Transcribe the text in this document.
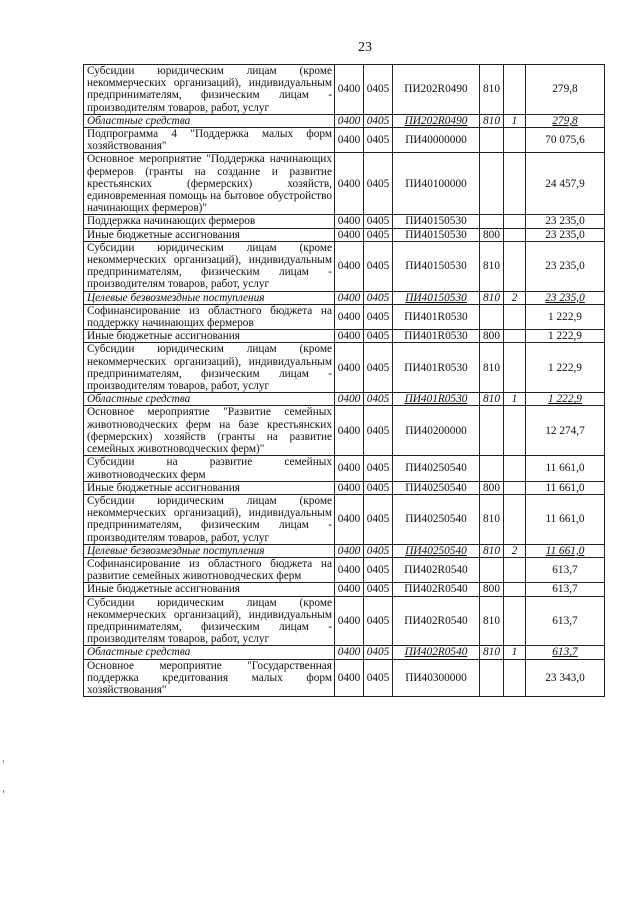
23
Субсидии юридическим лицам (кроме некоммерческих организаций), индивидуальным предпринимателям, физическим лицам - производителям товаров, работ, услуг	0400	0405	ПИ202R0490	810		279,8
Областные средства	0400	0405	ПИ202R0490	810	1	279,8
Подпрограмма 4 "Поддержка малых форм хозяйствования"	0400	0405	ПИ40000000			70 075,6
Основное мероприятие "Поддержка начинающих фермеров (гранты на создание и развитие крестьянских (фермерских) хозяйств, единовременная помощь на бытовое обустройство начинающих фермеров)"	0400	0405	ПИ40100000			24 457,9
Поддержка начинающих фермеров	0400	0405	ПИ40150530			23 235,0
Иные бюджетные ассигнования	0400	0405	ПИ40150530	800		23 235,0
Субсидии юридическим лицам (кроме некоммерческих организаций), индивидуальным предпринимателям, физическим лицам - производителям товаров, работ, услуг	0400	0405	ПИ40150530	810		23 235,0
Целевые безвозмездные поступления	0400	0405	ПИ40150530	810	2	23 235,0
Софинансирование из областного бюджета на поддержку начинающих фермеров	0400	0405	ПИ401R0530			1 222,9
Иные бюджетные ассигнования	0400	0405	ПИ401R0530	800		1 222,9
Субсидии юридическим лицам (кроме некоммерческих организаций), индивидуальным предпринимателям, физическим лицам - производителям товаров, работ, услуг	0400	0405	ПИ401R0530	810		1 222,9
Областные средства	0400	0405	ПИ401R0530	810	1	1 222,9
Основное мероприятие "Развитие семейных животноводческих ферм на базе крестьянских (фермерских) хозяйств (гранты на развитие семейных животноводческих ферм)"	0400	0405	ПИ40200000			12 274,7
Субсидии на развитие семейных животноводческих ферм	0400	0405	ПИ40250540			11 661,0
Иные бюджетные ассигнования	0400	0405	ПИ40250540	800		11 661,0
Субсидии юридическим лицам (кроме некоммерческих организаций), индивидуальным предпринимателям, физическим лицам - производителям товаров, работ, услуг	0400	0405	ПИ40250540	810		11 661,0
Целевые безвозмездные поступления	0400	0405	ПИ40250540	810	2	11 661,0
Софинансирование из областного бюджета на развитие семейных животноводческих ферм	0400	0405	ПИ402R0540			613,7
Иные бюджетные ассигнования	0400	0405	ПИ402R0540	800		613,7
Субсидии юридическим лицам (кроме некоммерческих организаций), индивидуальным предпринимателям, физическим лицам - производителям товаров, работ, услуг	0400	0405	ПИ402R0540	810		613,7
Областные средства	0400	0405	ПИ402R0540	810	1	613,7
Основное мероприятие "Государственная поддержка кредитования малых форм хозяйствования"	0400	0405	ПИ40300000			23 343,0
